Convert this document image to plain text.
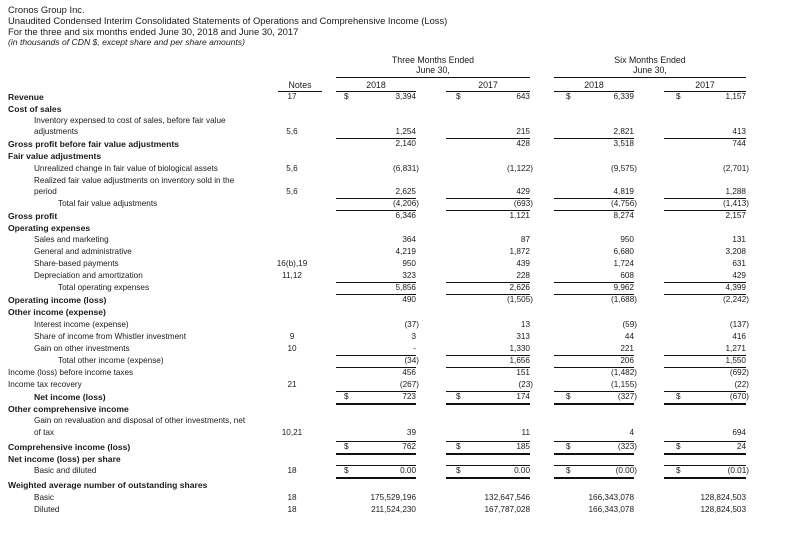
Cronos Group Inc.
Unaudited Condensed Interim Consolidated Statements of Operations and Comprehensive Income (Loss)
For the three and six months ended June 30, 2018 and June 30, 2017
(in thousands of CDN $, except share and per share amounts)
Three Months Ended
June 30,
Six Months Ended
June 30,
Notes	2018	2017	2018	2017
Revenue	17	$	3,394	$	643	$	6,339	$	1,157
Cost of sales
Inventory expensed to cost of sales, before fair value
adjustments	5,6	1,254	215	2,821	413
Gross profit before fair value adjustments	2,140	428	3,518	744
Fair value adjustments
Unrealized change in fair value of biological assets	5,6	(6,831)	(1,122)	(9,575)	(2,701)
Realized fair value adjustments on inventory sold in the
period	5,6	2,625	429	4,819	1,288
Total fair value adjustments	(4,206)	(693)	(4,756)	(1,413)
Gross profit	6,346	1,121	8,274	2,157
Operating expenses
Sales and marketing	364	87	950	131
General and administrative	4,219	1,872	6,680	3,208
Share-based payments	16(b),19	950	439	1,724	631
Depreciation and amortization	11,12	323	228	608	429
Total operating expenses	5,856	2,626	9,962	4,399
Operating income (loss)	490	(1,505)	(1,688)	(2,242)
Other income (expense)
Interest income (expense)	(37)	13	(59)	(137)
Share of income from Whistler investment	9	3	313	44	416
Gain on other investments	10	-	1,330	221	1,271
Total other income (expense)	(34)	1,656	206	1,550
Income (loss) before income taxes	456	151	(1,482)	(692)
Income tax recovery	21	(267)	(23)	(1,155)	(22)
Net income (loss)	$	723	$	174	$	(327)	$	(670)
Other comprehensive income
Gain on revaluation and disposal of other investments, net
of tax	10,21	39	11	4	694
Comprehensive income (loss)	$	762	$	185	$	(323)	$	24
Net income (loss) per share
Basic and diluted	18	$	0.00	$	0.00	$	(0.00)	$	(0.01)
Weighted average number of outstanding shares
Basic	18	175,529,196	132,647,546	166,343,078	128,824,503
Diluted	18	211,524,230	167,787,028	166,343,078	128,824,503
